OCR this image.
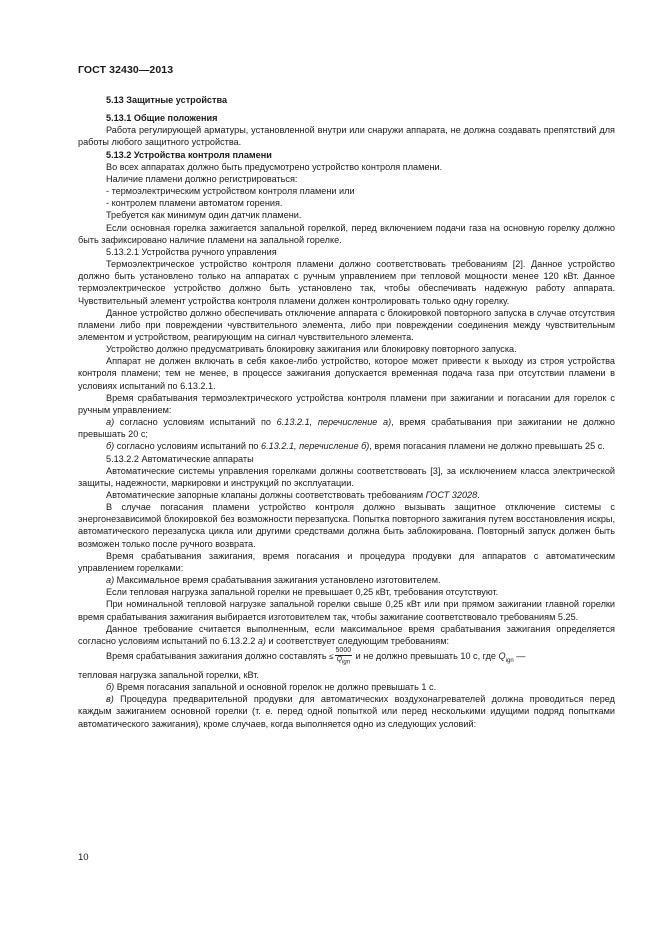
ГОСТ 32430—2013

5.13 Защитные устройства

5.13.1 Общие положения

Работа регулирующей арматуры, установленной внутри или снаружи аппарата, не должна создавать препятствий для работы любого защитного устройства.

5.13.2 Устройства контроля пламени

Во всех аппаратах должно быть предусмотрено устройство контроля пламени.

Наличие пламени должно регистрироваться:

- термоэлектрическим устройством контроля пламени или

- контролем пламени автоматом горения.

Требуется как минимум один датчик пламени.

Если основная горелка зажигается запальной горелкой, перед включением подачи газа на основную горелку должно быть зафиксировано наличие пламени на запальной горелке.

5.13.2.1 Устройства ручного управления

Термоэлектрическое устройство контроля пламени должно соответствовать требованиям [2]. Данное устройство должно быть установлено только на аппаратах с ручным управлением при тепловой мощности менее 120 кВт. Данное термоэлектрическое устройство должно быть установлено так, чтобы обеспечивать надежную работу аппарата. Чувствительный элемент устройства контроля пламени должен контролировать только одну горелку.

Данное устройство должно обеспечивать отключение аппарата с блокировкой повторного запуска в случае отсутствия пламени либо при повреждении чувствительного элемента, либо при повреждении соединения между чувствительным элементом и устройством, реагирующим на сигнал чувствительного элемента.

Устройство должно предусматривать блокировку зажигания или блокировку повторного запуска.

Аппарат не должен включать в себя какое-либо устройство, которое может привести к выходу из строя устройства контроля пламени; тем не менее, в процессе зажигания допускается временная подача газа при отсутствии пламени в условиях испытаний по 6.13.2.1.

Время срабатывания термоэлектрического устройства контроля пламени при зажигании и погасании для горелок с ручным управлением:

а) согласно условиям испытаний по 6.13.2.1, перечисление а), время срабатывания при зажигании не должно превышать 20 с;

б) согласно условиям испытаний по 6.13.2.1, перечисление б), время погасания пламени не должно превышать 25 с.

5.13.2.2 Автоматические аппараты

Автоматические системы управления горелками должны соответствовать [3], за исключением класса электрической защиты, надежности, маркировки и инструкций по эксплуатации.

Автоматические запорные клапаны должны соответствовать требованиям ГОСТ 32028.

В случае погасания пламени устройство контроля должно вызывать защитное отключение системы с энергонезависимой блокировкой без возможности перезапуска. Попытка повторного зажигания путем восстановления искры, автоматического перезапуска цикла или другими средствами должна быть заблокирована. Повторный запуск должен быть возможен только после ручного возврата.

Время срабатывания зажигания, время погасания и процедура продувки для аппаратов с автоматическим управлением горелками:

а) Максимальное время срабатывания зажигания установлено изготовителем.

Если тепловая нагрузка запальной горелки не превышает 0,25 кВт, требования отсутствуют.

При номинальной тепловой нагрузке запальной горелки свыше 0,25 кВт или при прямом зажигании главной горелки время срабатывания зажигания выбирается изготовителем так, чтобы зажигание соответствовало требованиям 5.25.

Данное требование считается выполненным, если максимальное время срабатывания зажигания определяется согласно условиям испытаний по 6.13.2.2 а) и соответствует следующим требованиям:

Время срабатывания зажигания должно составлять ≤ $\frac{5000}{\text{Qign}}$ и не должно превышать 10 с, где $Q_{ign}$ —

тепловая нагрузка запальной горелки, кВт.

б) Время погасания запальной и основной горелок не должно превышать 1 с.

в) Процедура предварительной продувки для автоматических воздухонагревателей должна проводиться перед каждым зажиганием основной горелки (т. е. перед одной попыткой или перед несколькими идущими подряд попытками автоматического зажигания), кроме случаев, когда выполняется одно из следующих условий:

10
